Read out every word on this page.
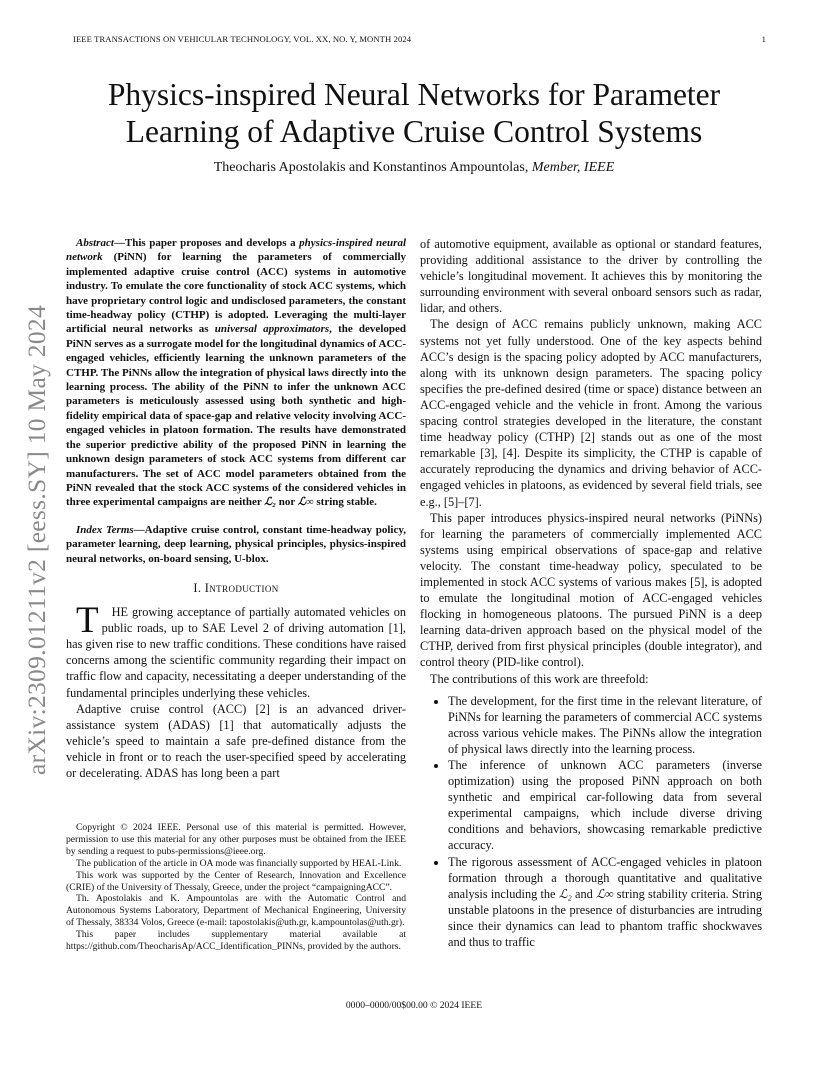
IEEE TRANSACTIONS ON VEHICULAR TECHNOLOGY, VOL. XX, NO. Y, MONTH 2024	1
arXiv:2309.01211v2 [eess.SY] 10 May 2024
Physics-inspired Neural Networks for Parameter Learning of Adaptive Cruise Control Systems
Theocharis Apostolakis and Konstantinos Ampountolas, Member, IEEE

Abstract—This paper proposes and develops a physics-inspired neural network (PiNN) for learning the parameters of commercially implemented adaptive cruise control (ACC) systems in automotive industry. To emulate the core functionality of stock ACC systems, which have proprietary control logic and undisclosed parameters, the constant time-headway policy (CTHP) is adopted. Leveraging the multi-layer artificial neural networks as universal approximators, the developed PiNN serves as a surrogate model for the longitudinal dynamics of ACC-engaged vehicles, efficiently learning the unknown parameters of the CTHP. The PiNNs allow the integration of physical laws directly into the learning process. The ability of the PiNN to infer the unknown ACC parameters is meticulously assessed using both synthetic and high-fidelity empirical data of space-gap and relative velocity involving ACC-engaged vehicles in platoon formation. The results have demonstrated the superior predictive ability of the proposed PiNN in learning the unknown design parameters of stock ACC systems from different car manufacturers. The set of ACC model parameters obtained from the PiNN revealed that the stock ACC systems of the considered vehicles in three experimental campaigns are neither ℒ₂ nor ℒ∞ string stable.

Index Terms—Adaptive cruise control, constant time-headway policy, parameter learning, deep learning, physical principles, physics-inspired neural networks, on-board sensing, U-blox.

I. Introduction

T HE growing acceptance of partially automated vehicles on public roads, up to SAE Level 2 of driving automation [1], has given rise to new traffic conditions. These conditions have raised concerns among the scientific community regarding their impact on traffic flow and capacity, necessitating a deeper understanding of the fundamental principles underlying these vehicles.

Adaptive cruise control (ACC) [2] is an advanced driver-assistance system (ADAS) [1] that automatically adjusts the vehicle’s speed to maintain a safe pre-defined distance from the vehicle in front or to reach the user-specified speed by accelerating or decelerating. ADAS has long been a part

Copyright © 2024 IEEE. Personal use of this material is permitted. However, permission to use this material for any other purposes must be obtained from the IEEE by sending a request to pubs-permissions@ieee.org.

The publication of the article in OA mode was financially supported by HEAL-Link.

This work was supported by the Center of Research, Innovation and Excellence (CRIE) of the University of Thessaly, Greece, under the project “campaigningACC”.

Th. Apostolakis and K. Ampountolas are with the Automatic Control and Autonomous Systems Laboratory, Department of Mechanical Engineering, University of Thessaly, 38334 Volos, Greece (e-mail: tapostolakis@uth.gr, k.ampountolas@uth.gr).

This paper includes supplementary material available at https://github.com/TheocharisAp/ACC_Identification_PINNs, provided by the authors.

of automotive equipment, available as optional or standard features, providing additional assistance to the driver by controlling the vehicle’s longitudinal movement. It achieves this by monitoring the surrounding environment with several onboard sensors such as radar, lidar, and others.

The design of ACC remains publicly unknown, making ACC systems not yet fully understood. One of the key aspects behind ACC’s design is the spacing policy adopted by ACC manufacturers, along with its unknown design parameters. The spacing policy specifies the pre-defined desired (time or space) distance between an ACC-engaged vehicle and the vehicle in front. Among the various spacing control strategies developed in the literature, the constant time headway policy (CTHP) [2] stands out as one of the most remarkable [3], [4]. Despite its simplicity, the CTHP is capable of accurately reproducing the dynamics and driving behavior of ACC-engaged vehicles in platoons, as evidenced by several field trials, see e.g., [5]–[7].

This paper introduces physics-inspired neural networks (PiNNs) for learning the parameters of commercially implemented ACC systems using empirical observations of space-gap and relative velocity. The constant time-headway policy, speculated to be implemented in stock ACC systems of various makes [5], is adopted to emulate the longitudinal motion of ACC-engaged vehicles flocking in homogeneous platoons. The pursued PiNN is a deep learning data-driven approach based on the physical model of the CTHP, derived from first physical principles (double integrator), and control theory (PID-like control).

The contributions of this work are threefold:

• The development, for the first time in the relevant literature, of PiNNs for learning the parameters of commercial ACC systems across various vehicle makes. The PiNNs allow the integration of physical laws directly into the learning process.
• The inference of unknown ACC parameters (inverse optimization) using the proposed PiNN approach on both synthetic and empirical car-following data from several experimental campaigns, which include diverse driving conditions and behaviors, showcasing remarkable predictive accuracy.
• The rigorous assessment of ACC-engaged vehicles in platoon formation through a thorough quantitative and qualitative analysis including the ℒ₂ and ℒ∞ string stability criteria. String unstable platoons in the presence of disturbancies are intruding since their dynamics can lead to phantom traffic shockwaves and thus to traffic
0000–0000/00$00.00 © 2024 IEEE
